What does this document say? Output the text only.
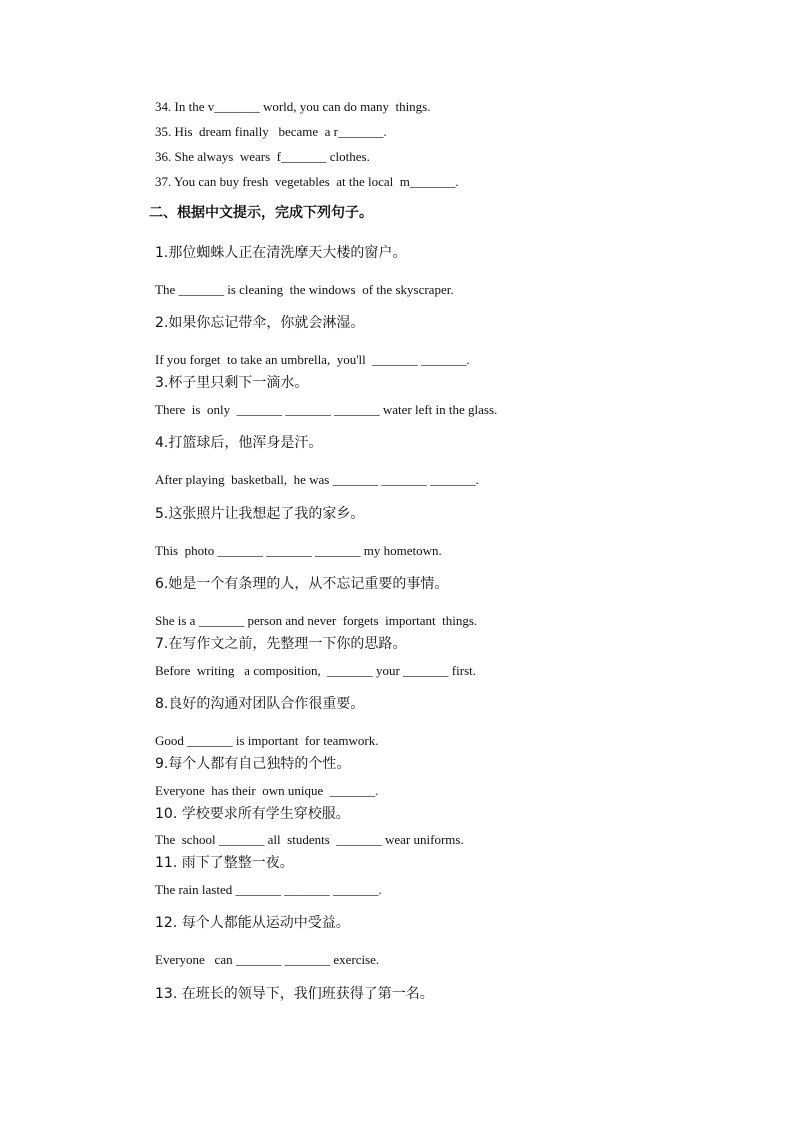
34. In the v_______ world, you can do many  things.
35. His  dream finally   became  a r_______.
36. She always  wears  f_______ clothes.
37. You can buy fresh  vegetables  at the local  m_______.
二、根据中文提示，完成下列句子。
1.那位蜘蛛人正在清洗摩天大楼的窗户。
The _______ is cleaning  the windows  of the skyscraper.
2.如果你忘记带伞，你就会淋湿。
If you forget  to take an umbrella,  you'll  _______ _______.
3.杯子里只剩下一滴水。
There  is  only  _______ _______ _______ water left in the glass.
4.打篮球后，他浑身是汗。
After playing  basketball,  he was _______ _______ _______.
5.这张照片让我想起了我的家乡。
This  photo _______ _______ _______ my hometown.
6.她是一个有条理的人，从不忘记重要的事情。
She is a _______ person and never  forgets  important  things.
7.在写作文之前，先整理一下你的思路。
Before  writing   a composition,  _______ your _______ first.
8.良好的沟通对团队合作很重要。
Good _______ is important  for teamwork.
9.每个人都有自己独特的个性。
Everyone  has their  own unique  _______.
10. 学校要求所有学生穿校服。
The  school _______ all  students  _______ wear uniforms.
11. 雨下了整整一夜。
The rain lasted _______ _______ _______.
12. 每个人都能从运动中受益。
Everyone   can _______ _______ exercise.
13. 在班长的领导下，我们班获得了第一名。
